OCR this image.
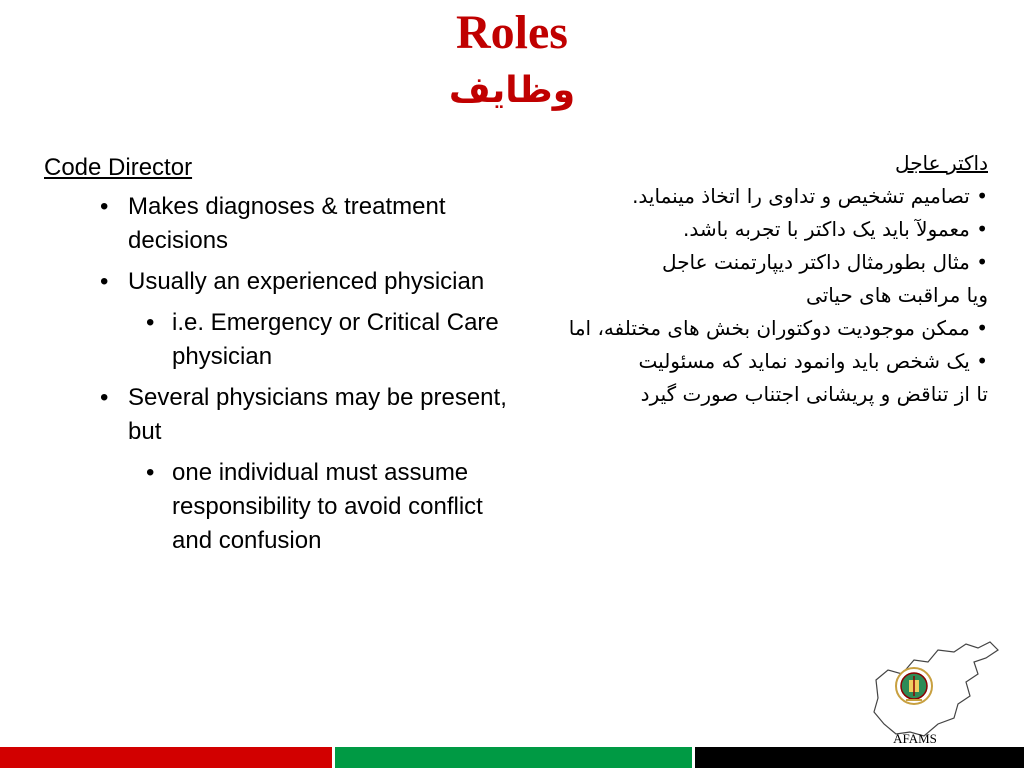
Roles
وظایف

Code Director

• Makes diagnoses & treatment decisions
• Usually an experienced physician
• i.e. Emergency or Critical Care physician
• Several physicians may be present, but
• one individual must assume responsibility to avoid conflict and confusion

داکتر عاجل

• تصامیم تشخیص و تداوی را اتخاذ مینماید.

• معمولآ باید یک داکتر با تجربه باشد.

• مثال بطورمثال داکتر دیپارتمنت عاجل ویا مراقبت های حیاتی

• ممکن موجودیت دوکتوران بخش های مختلفه، اما

• یک شخص باید وانمود نماید که مسئولیت تا از تناقض و پریشانی اجتناب صورت گیرد

AFAMS
